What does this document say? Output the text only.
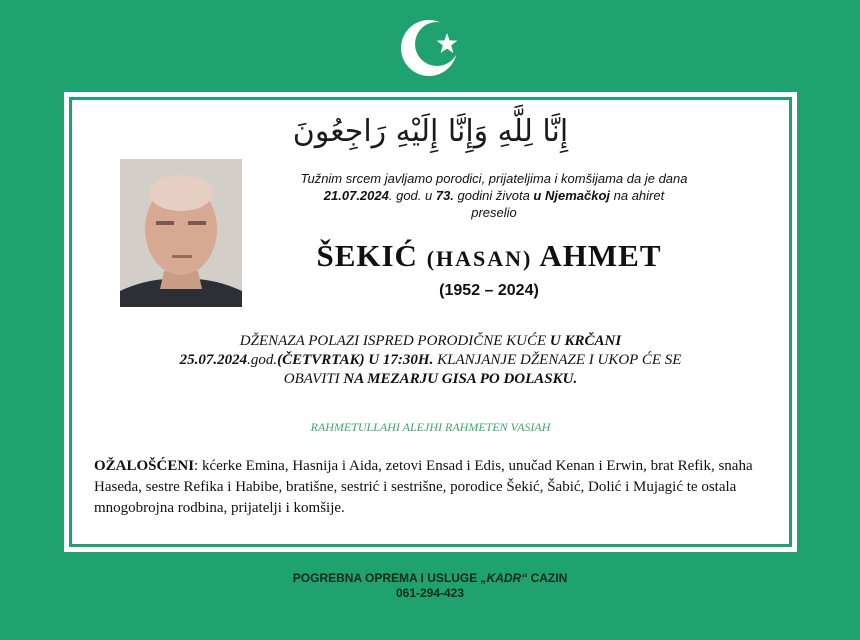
إِنَّا لِلَّهِ وَإِنَّا إِلَيْهِ رَاجِعُونَ
Tužnim srcem javljamo porodici, prijateljima i komšijama da je dana
21.07.2024. god. u 73. godini života u Njemačkoj na ahiret
preselio
ŠEKIĆ (HASAN) AHMET
(1952 – 2024)
DŽENAZA POLAZI ISPRED PORODIČNE KUĆE U KRČANI
25.07.2024.god.(ČETVRTAK) U 17:30H. KLANJANJE DŽENAZE I UKOP ĆE SE
OBAVITI NA MEZARJU GISA PO DOLASKU.
RAHMETULLAHI ALEJHI RAHMETEN VASIAH
OŽALOŠĆENI: kćerke Emina, Hasnija i Aida, zetovi Ensad i Edis, unučad Kenan i Erwin, brat Refik, snaha Haseda, sestre Refika i Habibe, bratišne, sestrić i sestrišne, porodice Šekić, Šabić, Dolić i Mujagić te ostala mnogobrojna rodbina, prijatelji i komšije.
POGREBNA OPREMA I USLUGE „KADR“ CAZIN
061-294-423
